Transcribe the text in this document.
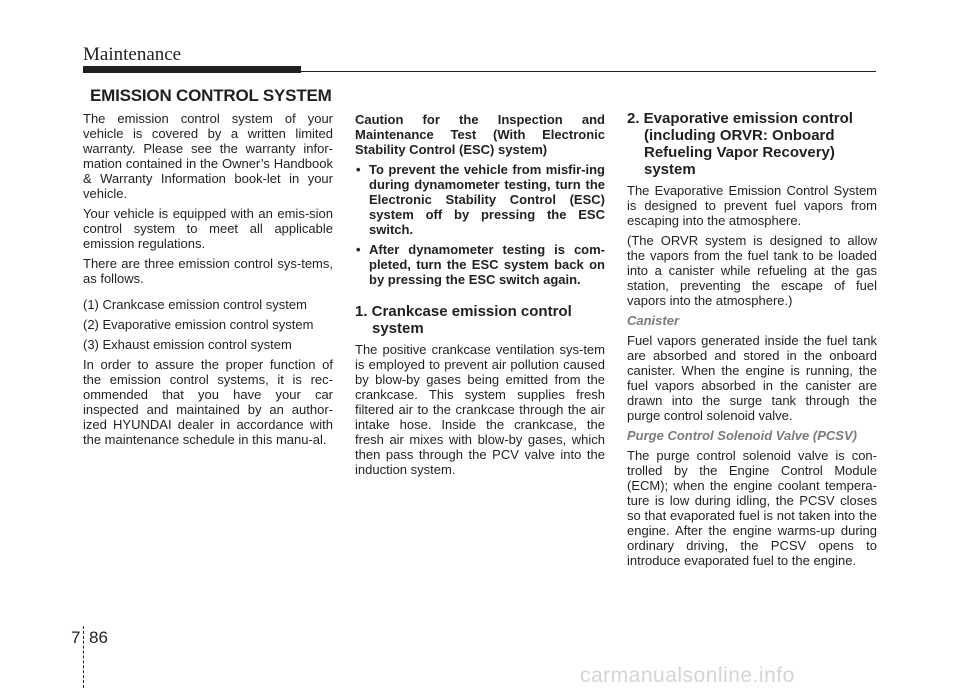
Maintenance
EMISSION CONTROL SYSTEM

The emission control system of your vehicle is covered by a written limited warranty. Please see the warranty infor-mation contained in the Owner’s Handbook & Warranty Information book-let in your vehicle.

Your vehicle is equipped with an emis-sion control system to meet all applicable emission regulations.

There are three emission control sys-tems, as follows.

(1) Crankcase emission control system

(2) Evaporative emission control system

(3) Exhaust emission control system

In order to assure the proper function of the emission control systems, it is rec-ommended that you have your car inspected and maintained by an author-ized HYUNDAI dealer in accordance with the maintenance schedule in this manu-al.

Caution for the Inspection and Maintenance Test (With Electronic Stability Control (ESC) system)

• To prevent the vehicle from misfir-ing during dynamometer testing, turn the Electronic Stability Control (ESC) system off by pressing the ESC switch.
• After dynamometer testing is com-pleted, turn the ESC system back on by pressing the ESC switch again.

1. Crankcase emission control system

The positive crankcase ventilation sys-tem is employed to prevent air pollution caused by blow-by gases being emitted from the crankcase. This system supplies fresh filtered air to the crankcase through the air intake hose. Inside the crankcase, the fresh air mixes with blow-by gases, which then pass through the PCV valve into the induction system.

2. Evaporative emission control (including ORVR: Onboard Refueling Vapor Recovery) system

The Evaporative Emission Control System is designed to prevent fuel vapors from escaping into the atmosphere.

(The ORVR system is designed to allow the vapors from the fuel tank to be loaded into a canister while refueling at the gas station, preventing the escape of fuel vapors into the atmosphere.)

Canister

Fuel vapors generated inside the fuel tank are absorbed and stored in the onboard canister. When the engine is running, the fuel vapors absorbed in the canister are drawn into the surge tank through the purge control solenoid valve.

Purge Control Solenoid Valve (PCSV)

The purge control solenoid valve is con-trolled by the Engine Control Module (ECM); when the engine coolant tempera-ture is low during idling, the PCSV closes so that evaporated fuel is not taken into the engine. After the engine warms-up during ordinary driving, the PCSV opens to introduce evaporated fuel to the engine.

7 86
carmanualsonline.info
